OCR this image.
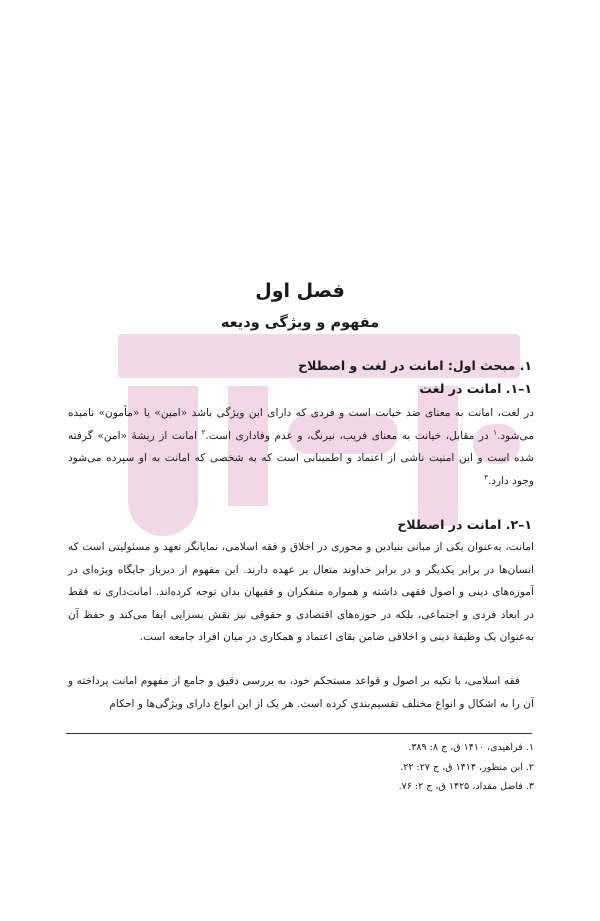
فصل اول
مفهوم و ویژگی ودیعه
۱. مبحث اول: امانت در لغت و اصطلاح
۱–۱. امانت در لغت

در لغت، امانت به معنای ضد خیانت است و فردی که دارای این ویژگی باشد «امین» یا «مأمون» نامیده می‌شود.$^۱$ در مقابل، خیانت به معنای فریب، نیرنگ، و عدم وفاداری است.$^۲$ امانت از ریشهٔ «امن» گرفته شده است و این امنیت ناشی از اعتماد و اطمینانی است که به شخصی که امانت به او سپرده می‌شود وجود دارد.$^۳$

۱–۲. امانت در اصطلاح

امانت، به‌عنوان یکی از مبانی بنیادین و محوری در اخلاق و فقه اسلامی، نمایانگر تعهد و مسئولیتی است که انسان‌ها در برابر یکدیگر و در برابر خداوند متعال بر عهده دارند. این مفهوم از دیرباز جایگاه ویژه‌ای در آموزه‌های دینی و اصول فقهی داشته و همواره متفکران و فقیهان بدان توجه کرده‌اند. امانت‌داری نه فقط در ابعاد فردی و اجتماعی، بلکه در حوزه‌های اقتصادی و حقوقی نیز نقش بسزایی ایفا می‌کند و حفظ آن به‌عنوان یک وظیفهٔ دینی و اخلاقی ضامن بقای اعتماد و همکاری در میان افراد جامعه است.

فقه اسلامی، با تکیه بر اصول و قواعد مستحکم خود، به بررسی دقیق و جامع از مفهوم امانت پرداخته و آن را به اشکال و انواع مختلف تقسیم‌بندی کرده است. هر یک از این انواع دارای ویژگی‌ها و احکام

۱. فراهیدی، ۱۴۱۰ ق، ج ۸: ۳۸۹.
۲. ابن منظور، ۱۴۱۴ ق، ج ۲۷: ۲۲.
۳. فاضل مقداد، ۱۴۲۵ ق، ج ۲: ۷۶.
